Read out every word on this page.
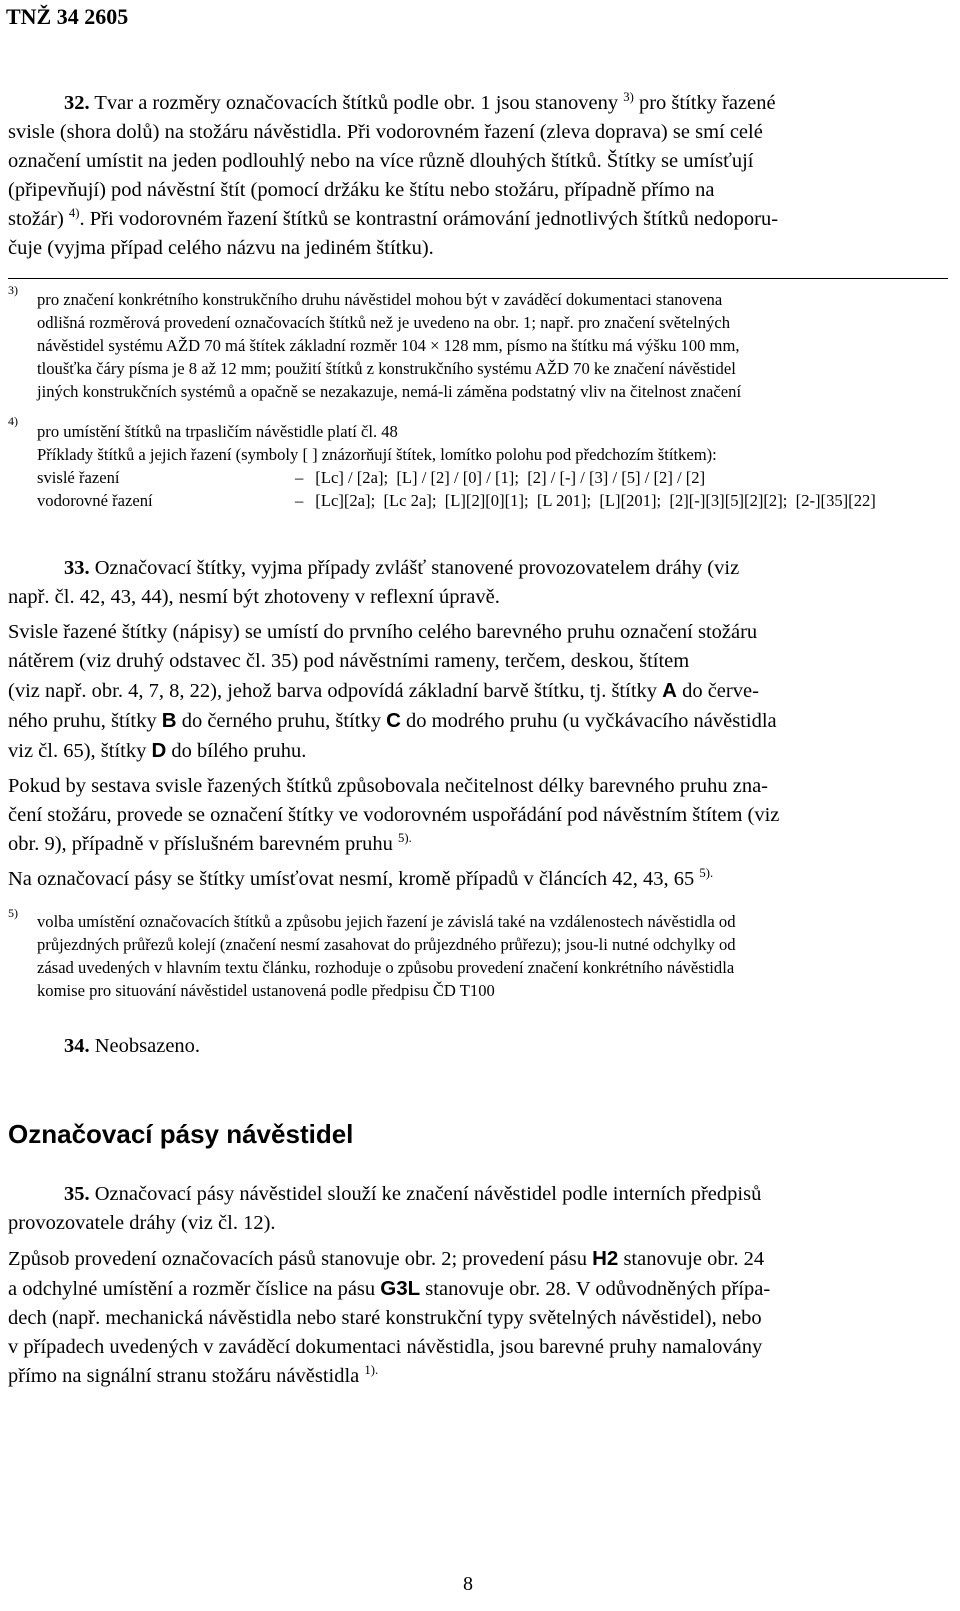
TNŽ 34 2605
32. Tvar a rozměry označovacích štítků podle obr. 1 jsou stanoveny $^{3)}$ pro štítky řazené
svisle (shora dolů) na stožáru návěstidla. Při vodorovném řazení (zleva doprava) se smí celé
označení umístit na jeden podlouhlý nebo na více různě dlouhých štítků. Štítky se umísťují
(připevňují) pod návěstní štít (pomocí držáku ke štítu nebo stožáru, případně přímo na
stožár) $^{4)}$. Při vodorovném řazení štítků se kontrastní orámování jednotlivých štítků nedoporu-
čuje (vyjma případ celého názvu na jediném štítku).
3) pro značení konkrétního konstrukčního druhu návěstidel mohou být v zaváděcí dokumentaci stanovena
odlišná rozměrová provedení označovacích štítků než je uvedeno na obr. 1; např. pro značení světelných
návěstidel systému AŽD 70 má štítek základní rozměr 104 × 128 mm, písmo na štítku má výšku 100 mm,
tloušťka čáry písma je 8 až 12 mm; použití štítků z konstrukčního systému AŽD 70 ke značení návěstidel
jiných konstrukčních systémů a opačně se nezakazuje, nemá-li záměna podstatný vliv na čitelnost značení
4)
pro umístění štítků na trpasličím návěstidle platí čl. 48
Příklady štítků a jejich řazení (symboly [ ] znázorňují štítek, lomítko polohu pod předchozím štítkem):
svislé řazení	– [Lc] / [2a];  [L] / [2] / [0] / [1];  [2] / [-] / [3] / [5] / [2] / [2]
vodorovné řazení	– [Lc][2a];  [Lc 2a];  [L][2][0][1];  [L 201];  [L][201];  [2][-][3][5][2][2];  [2-][35][22]

33. Označovací štítky, vyjma případy zvlášť stanovené provozovatelem dráhy (viz
např. čl. 42, 43, 44), nesmí být zhotoveny v reflexní úpravě.

Svisle řazené štítky (nápisy) se umístí do prvního celého barevného pruhu označení stožáru
nátěrem (viz druhý odstavec čl. 35) pod návěstními rameny, terčem, deskou, štítem
(viz např. obr. 4, 7, 8, 22), jehož barva odpovídá základní barvě štítku, tj. štítky A do červe-
ného pruhu, štítky B do černého pruhu, štítky C do modrého pruhu (u vyčkávacího návěstidla
viz čl. 65), štítky D do bílého pruhu.

Pokud by sestava svisle řazených štítků způsobovala nečitelnost délky barevného pruhu zna-
čení stožáru, provede se označení štítky ve vodorovném uspořádání pod návěstním štítem (viz
obr. 9), případně v příslušném barevném pruhu $^{5).}$

Na označovací pásy se štítky umísťovat nesmí, kromě případů v článcích 42, 43, 65 $^{5).}$

5) volba umístění označovacích štítků a způsobu jejich řazení je závislá také na vzdálenostech návěstidla od
průjezdných průřezů kolejí (značení nesmí zasahovat do průjezdného průřezu); jsou-li nutné odchylky od
zásad uvedených v hlavním textu článku, rozhoduje o způsobu provedení značení konkrétního návěstidla
komise pro situování návěstidel ustanovená podle předpisu ČD T100
34. Neobsazeno.
Označovací pásy návěstidel

35. Označovací pásy návěstidel slouží ke značení návěstidel podle interních předpisů
provozovatele dráhy (viz čl. 12).

Způsob provedení označovacích pásů stanovuje obr. 2; provedení pásu H2 stanovuje obr. 24
a odchylné umístění a rozměr číslice na pásu G3L stanovuje obr. 28. V odůvodněných přípa-
dech (např. mechanická návěstidla nebo staré konstrukční typy světelných návěstidel), nebo
v případech uvedených v zaváděcí dokumentaci návěstidla, jsou barevné pruhy namalovány
přímo na signální stranu stožáru návěstidla $^{1).}$

8
